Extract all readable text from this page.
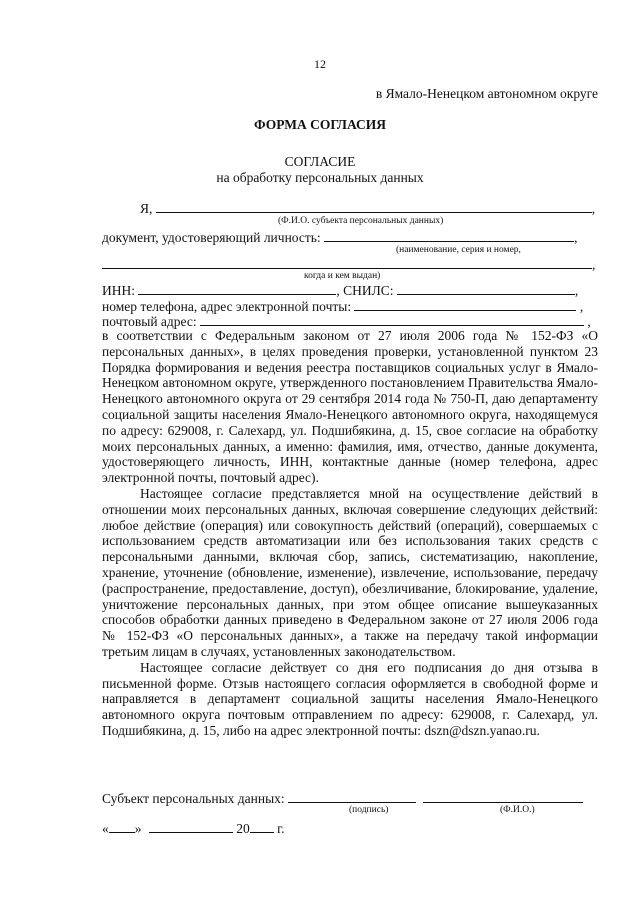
12
в Ямало-Ненецком автономном округе
ФОРМА СОГЛАСИЯ
СОГЛАСИЕ
на обработку персональных данных
Я,	,
(Ф.И.О. субъекта персональных данных)
документ, удостоверяющий личность:	,
(наименование, серия и номер,
,
когда и кем выдан)
ИНН:	, СНИЛС:	,
номер телефона, адрес электронной почты:	,
почтовый адрес:	,

в соответствии с Федеральным законом от 27 июля 2006 года № 152-ФЗ «О персональных данных», в целях проведения проверки, установленной пунктом 23 Порядка формирования и ведения реестра поставщиков социальных услуг в Ямало-Ненецком автономном округе, утвержденного постановлением Правительства Ямало-Ненецкого автономного округа от 29 сентября 2014 года № 750-П, даю департаменту социальной защиты населения Ямало-Ненецкого автономного округа, находящемуся по адресу: 629008, г. Салехард, ул. Подшибякина, д. 15, свое согласие на обработку моих персональных данных, а именно: фамилия, имя, отчество, данные документа, удостоверяющего личность, ИНН, контактные данные (номер телефона, адрес электронной почты, почтовый адрес).

Настоящее согласие представляется мной на осуществление действий в отношении моих персональных данных, включая совершение следующих действий: любое действие (операция) или совокупность действий (операций), совершаемых с использованием средств автоматизации или без использования таких средств с персональными данными, включая сбор, запись, систематизацию, накопление, хранение, уточнение (обновление, изменение), извлечение, использование, передачу (распространение, предоставление, доступ), обезличивание, блокирование, удаление, уничтожение персональных данных, при этом общее описание вышеуказанных способов обработки данных приведено в Федеральном законе от 27 июля 2006 года № 152-ФЗ «О персональных данных», а также на передачу такой информации третьим лицам в случаях, установленных законодательством.

Настоящее согласие действует со дня его подписания до дня отзыва в письменной форме. Отзыв настоящего согласия оформляется в свободной форме и направляется в департамент социальной защиты населения Ямало-Ненецкого автономного округа почтовым отправлением по адресу: 629008, г. Салехард, ул. Подшибякина, д. 15, либо на адрес электронной почты: dszn@dszn.yanao.ru.

Субъект персональных данных:
(подпись)	(Ф.И.О.)
« »	20 г.
